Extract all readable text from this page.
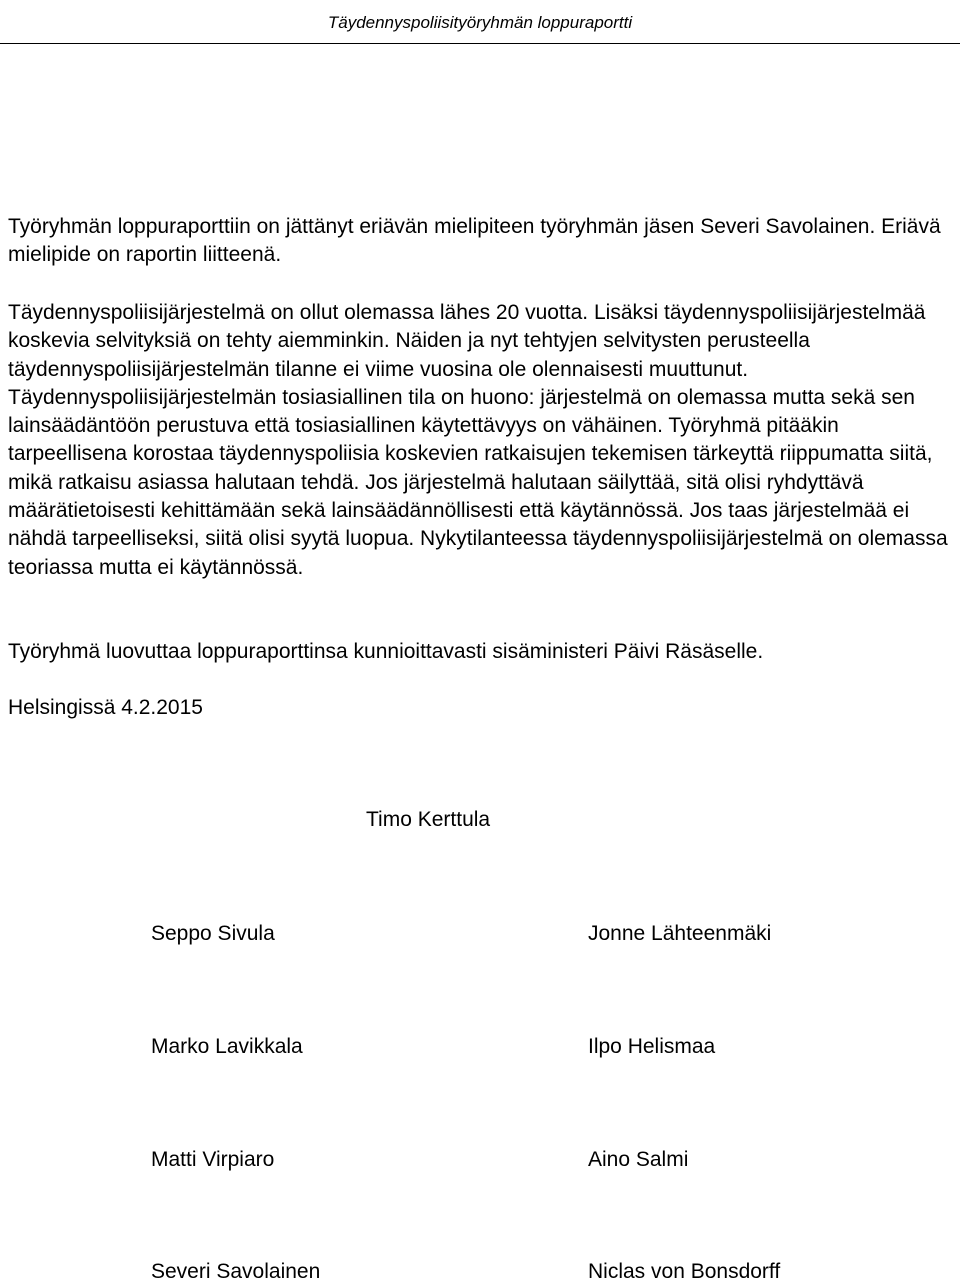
Täydennyspoliisityöryhmän loppuraportti

Työryhmän loppuraporttiin on jättänyt eriävän mielipiteen työryhmän jäsen Severi Savolainen. Eriävä mielipide on raportin liitteenä.

Täydennyspoliisijärjestelmä on ollut olemassa lähes 20 vuotta. Lisäksi täydennyspoliisijärjestelmää koskevia selvityksiä on tehty aiemminkin. Näiden ja nyt tehtyjen selvitysten perusteella täydennyspoliisijärjestelmän tilanne ei viime vuosina ole olennaisesti muuttunut. Täydennyspoliisijärjestelmän tosiasiallinen tila on huono: järjestelmä on olemassa mutta sekä sen lainsäädäntöön perustuva että tosiasiallinen käytettävyys on vähäinen. Työryhmä pitääkin tarpeellisena korostaa täydennyspoliisia koskevien ratkaisujen tekemisen tärkeyttä riippumatta siitä, mikä ratkaisu asiassa halutaan tehdä. Jos järjestelmä halutaan säilyttää, sitä olisi ryhdyttävä määrätietoisesti kehittämään sekä lainsäädännöllisesti että käytännössä. Jos taas järjestelmää ei nähdä tarpeelliseksi, siitä olisi syytä luopua. Nykytilanteessa täydennyspoliisijärjestelmä on olemassa teoriassa mutta ei käytännössä.

Työryhmä luovuttaa loppuraporttinsa kunnioittavasti sisäministeri Päivi Räsäselle.

Helsingissä 4.2.2015

Timo Kerttula
Seppo Sivula	Jonne Lähteenmäki
Marko Lavikkala	Ilpo Helismaa
Matti Virpiaro	Aino Salmi
Severi Savolainen	Niclas von Bonsdorff
